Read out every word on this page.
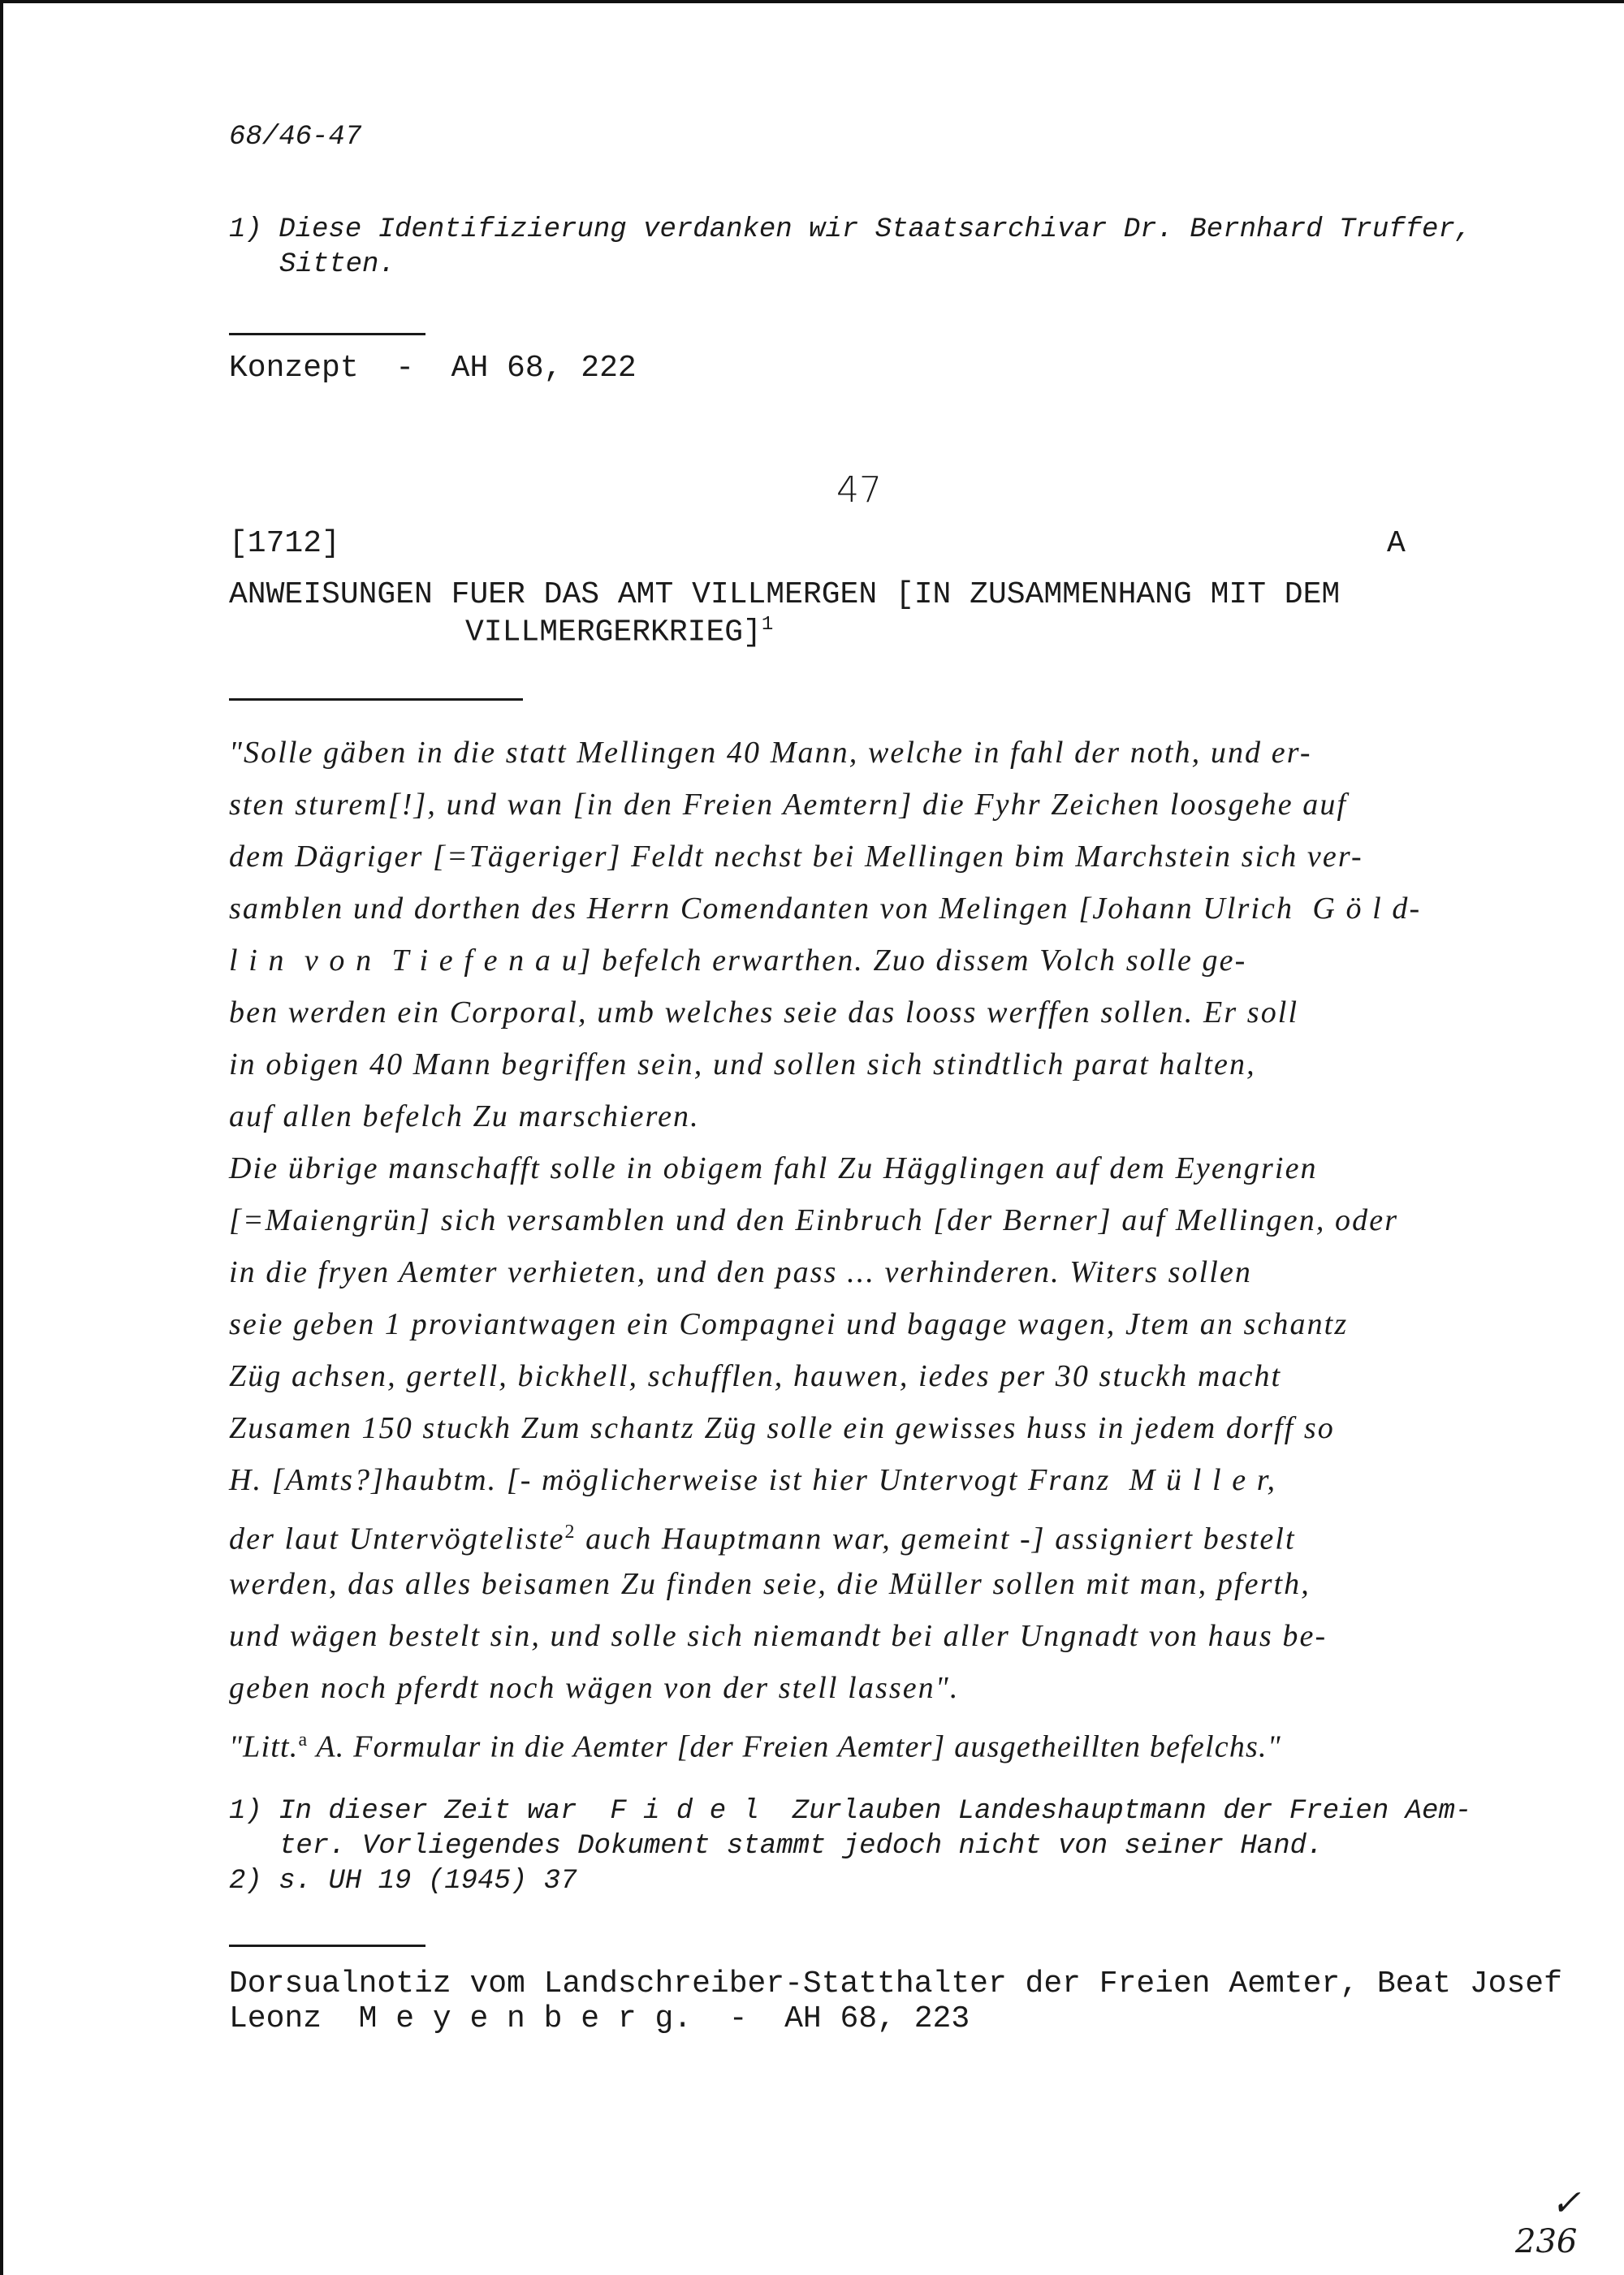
68/46-47
1) Diese Identifizierung verdanken wir Staatsarchivar Dr. Bernhard Truffer,
Sitten.
Konzept  -  AH 68, 222
47
[1712]	A
ANWEISUNGEN FUER DAS AMT VILLMERGEN [IN ZUSAMMENHANG MIT DEM
VILLMERGERKRIEG]$^1$
"Solle gäben in die statt Mellingen 40 Mann, welche in fahl der noth, und er-
sten sturem[!], und wan [in den Freien Aemtern] die Fyhr Zeichen loosgehe auf
dem Dägriger [=Tägeriger] Feldt nechst bei Mellingen bim Marchstein sich ver-
samblen und dorthen des Herrn Comendanten von Melingen [Johann Ulrich  G ö l d-
l i n  v o n  T i e f e n a u] befelch erwarthen. Zuo dissem Volch solle ge-
ben werden ein Corporal, umb welches seie das looss werffen sollen. Er soll
in obigen 40 Mann begriffen sein, und sollen sich stindtlich parat halten,
auf allen befelch Zu marschieren.
Die übrige manschafft solle in obigem fahl Zu Hägglingen auf dem Eyengrien
[=Maiengrün] sich versamblen und den Einbruch [der Berner] auf Mellingen, oder
in die fryen Aemter verhieten, und den pass ... verhinderen. Witers sollen
seie geben 1 proviantwagen ein Compagnei und bagage wagen, Jtem an schantz
Züg achsen, gertell, bickhell, schufflen, hauwen, iedes per 30 stuckh macht
Zusamen 150 stuckh Zum schantz Züg solle ein gewisses huss in jedem dorff so
H. [Amts?]haubtm. [- möglicherweise ist hier Untervogt Franz  M ü l l e r,
der laut Untervögteliste$^2$ auch Hauptmann war, gemeint -] assigniert bestelt
werden, das alles beisamen Zu finden seie, die Müller sollen mit man, pferth,
und wägen bestelt sin, und solle sich niemandt bei aller Ungnadt von haus be-
geben noch pferdt noch wägen von der stell lassen".
"Litt.$^a$ A. Formular in die Aemter [der Freien Aemter] ausgetheillten befelchs."
1) In dieser Zeit war  F i d e l  Zurlauben Landeshauptmann der Freien Aem-
ter. Vorliegendes Dokument stammt jedoch nicht von seiner Hand.
2) s. UH 19 (1945) 37
Dorsualnotiz vom Landschreiber-Statthalter der Freien Aemter, Beat Josef
Leonz  M e y e n b e r g.  -  AH 68, 223
✓
236
